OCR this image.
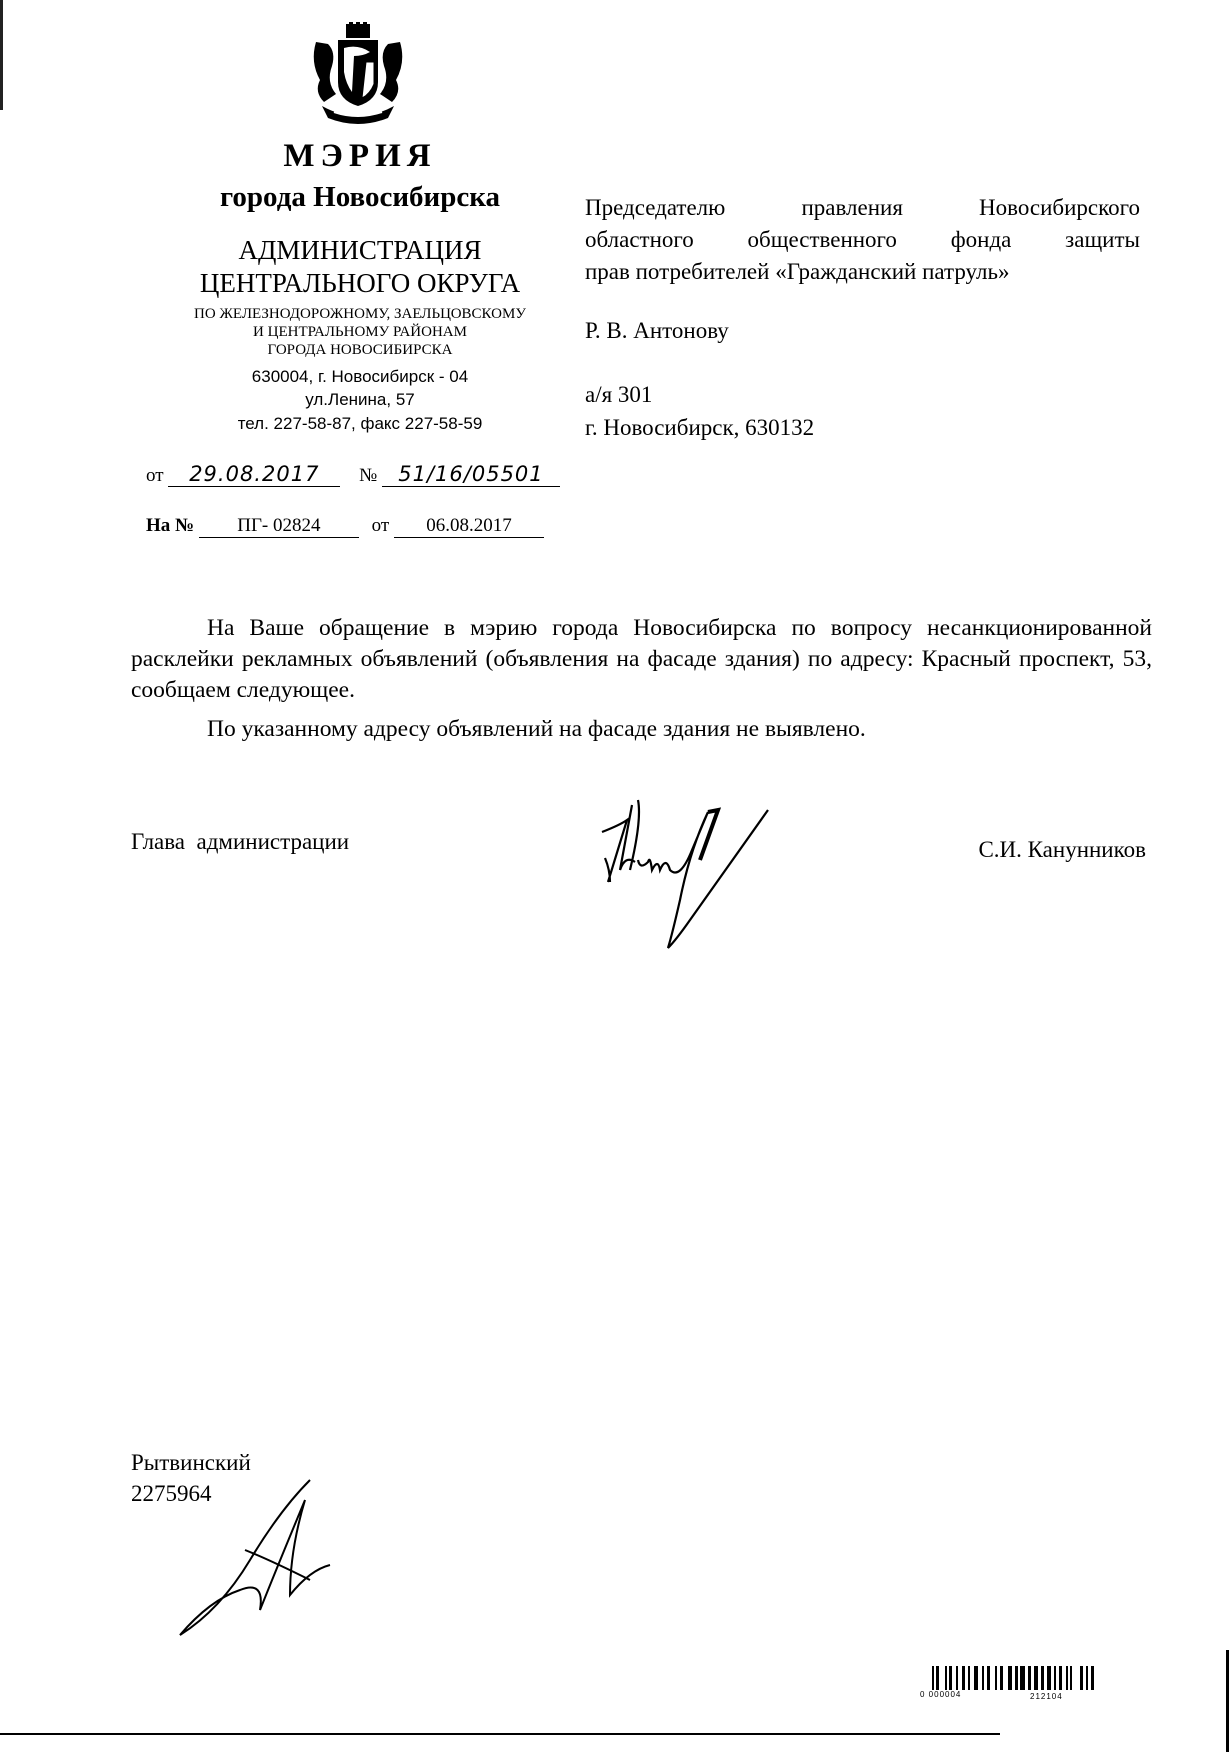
МЭРИЯ
города Новосибирска
АДМИНИСТРАЦИЯ
ЦЕНТРАЛЬНОГО ОКРУГА
ПО ЖЕЛЕЗНОДОРОЖНОМУ, ЗАЕЛЬЦОВСКОМУ
И ЦЕНТРАЛЬНОМУ РАЙОНАМ
ГОРОДА НОВОСИБИРСКА
630004, г. Новосибирск - 04
ул.Ленина, 57
тел. 227-58-87, факс 227-58-59
от 29.08.2017 № 51/16/05501
На № ПГ- 02824	от 06.08.2017
Председателю правления Новосибирского
областного общественного фонда защиты
прав потребителей «Гражданский патруль»
Р. В. Антонову
а/я 301
г. Новосибирск, 630132
На Ваше обращение в мэрию города Новосибирска по вопросу несанкционированной расклейки рекламных объявлений (объявления на фасаде здания) по адресу: Красный проспект, 53, сообщаем следующее.
По указанному адресу объявлений на фасаде здания не выявлено.
Глава  администрации	С.И. Канунников
Рытвинский
2275964
0 000004	212104
